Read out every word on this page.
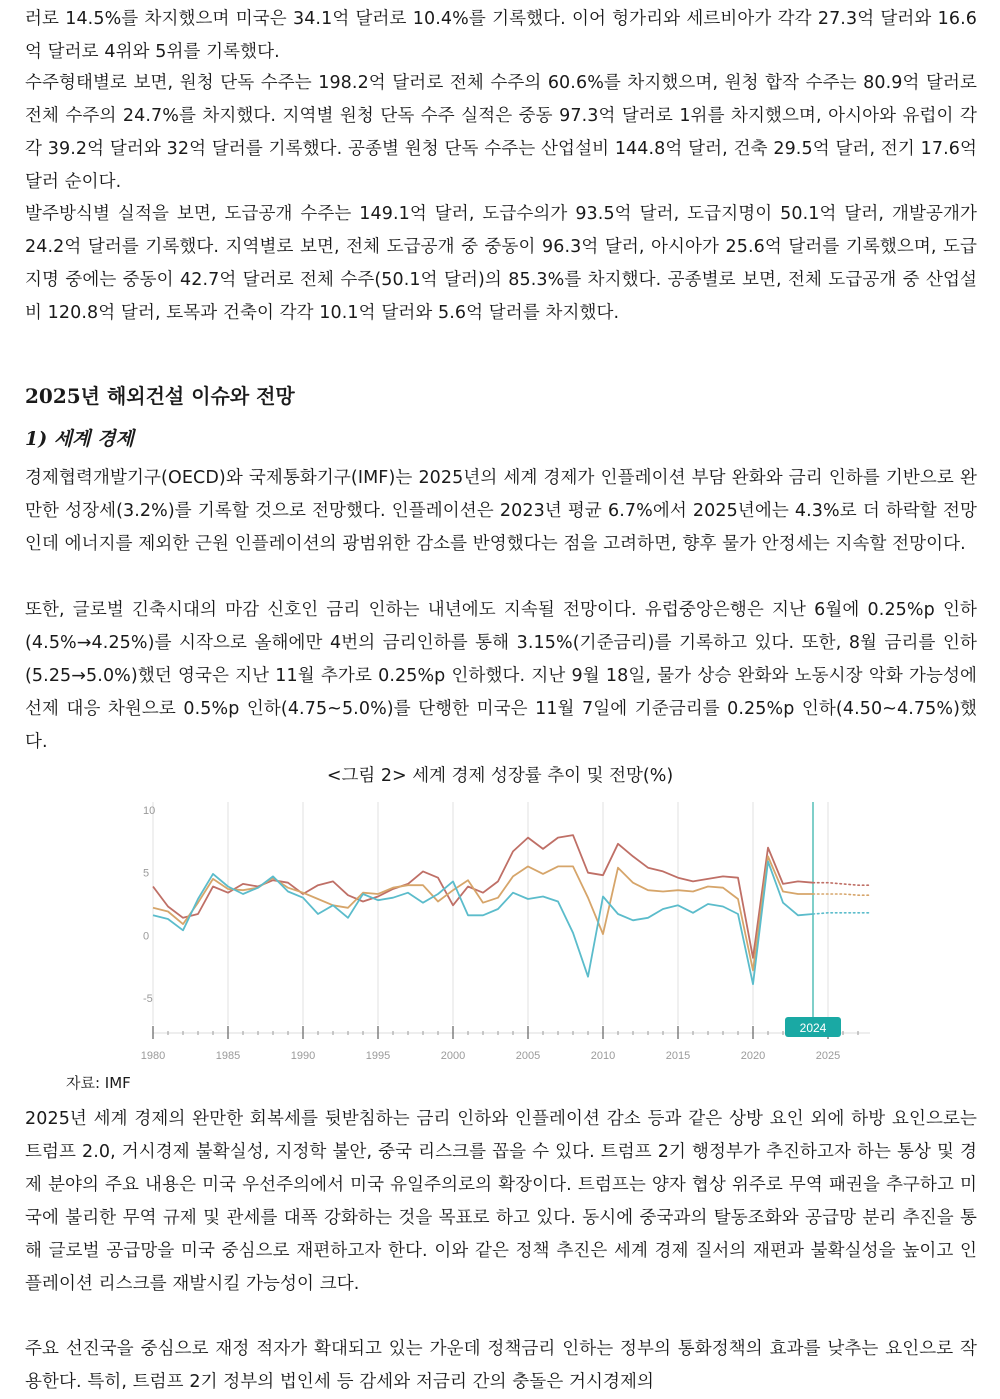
러로 14.5%를 차지했으며 미국은 34.1억 달러로 10.4%를 기록했다. 이어 헝가리와 세르비아가 각각 27.3억 달러와 16.6억 달러로 4위와 5위를 기록했다.

수주형태별로 보면, 원청 단독 수주는 198.2억 달러로 전체 수주의 60.6%를 차지했으며, 원청 합작 수주는 80.9억 달러로 전체 수주의 24.7%를 차지했다. 지역별 원청 단독 수주 실적은 중동 97.3억 달러로 1위를 차지했으며, 아시아와 유럽이 각각 39.2억 달러와 32억 달러를 기록했다. 공종별 원청 단독 수주는 산업설비 144.8억 달러, 건축 29.5억 달러, 전기 17.6억 달러 순이다.

발주방식별 실적을 보면, 도급공개 수주는 149.1억 달러, 도급수의가 93.5억 달러, 도급지명이 50.1억 달러, 개발공개가 24.2억 달러를 기록했다. 지역별로 보면, 전체 도급공개 중 중동이 96.3억 달러, 아시아가 25.6억 달러를 기록했으며, 도급지명 중에는 중동이 42.7억 달러로 전체 수주(50.1억 달러)의 85.3%를 차지했다. 공종별로 보면, 전체 도급공개 중 산업설비 120.8억 달러, 토목과 건축이 각각 10.1억 달러와 5.6억 달러를 차지했다.

2025년 해외건설 이슈와 전망
1) 세계 경제

경제협력개발기구(OECD)와 국제통화기구(IMF)는 2025년의 세계 경제가 인플레이션 부담 완화와 금리 인하를 기반으로 완만한 성장세(3.2%)를 기록할 것으로 전망했다. 인플레이션은 2023년 평균 6.7%에서 2025년에는 4.3%로 더 하락할 전망인데 에너지를 제외한 근원 인플레이션의 광범위한 감소를 반영했다는 점을 고려하면, 향후 물가 안정세는 지속할 전망이다.

또한, 글로벌 긴축시대의 마감 신호인 금리 인하는 내년에도 지속될 전망이다. 유럽중앙은행은 지난 6월에 0.25%p 인하(4.5%→4.25%)를 시작으로 올해에만 4번의 금리인하를 통해 3.15%(기준금리)를 기록하고 있다. 또한, 8월 금리를 인하(5.25→5.0%)했던 영국은 지난 11월 추가로 0.25%p 인하했다. 지난 9월 18일, 물가 상승 완화와 노동시장 악화 가능성에 선제 대응 차원으로 0.5%p 인하(4.75~5.0%)를 단행한 미국은 11월 7일에 기준금리를 0.25%p 인하(4.50~4.75%)했다.

<그림 2> 세계 경제 성장률 추이 및 전망(%)

10
5
0
-5
1980	1985	1990	1995	2000	2005	2010	2015	2020	2025
2024

자료: IMF

2025년 세계 경제의 완만한 회복세를 뒷받침하는 금리 인하와 인플레이션 감소 등과 같은 상방 요인 외에 하방 요인으로는 트럼프 2.0, 거시경제 불확실성, 지정학 불안, 중국 리스크를 꼽을 수 있다. 트럼프 2기 행정부가 추진하고자 하는 통상 및 경제 분야의 주요 내용은 미국 우선주의에서 미국 유일주의로의 확장이다. 트럼프는 양자 협상 위주로 무역 패권을 추구하고 미국에 불리한 무역 규제 및 관세를 대폭 강화하는 것을 목표로 하고 있다. 동시에 중국과의 탈동조화와 공급망 분리 추진을 통해 글로벌 공급망을 미국 중심으로 재편하고자 한다. 이와 같은 정책 추진은 세계 경제 질서의 재편과 불확실성을 높이고 인플레이션 리스크를 재발시킬 가능성이 크다.

주요 선진국을 중심으로 재정 적자가 확대되고 있는 가운데 정책금리 인하는 정부의 통화정책의 효과를 낮추는 요인으로 작용한다. 특히, 트럼프 2기 정부의 법인세 등 감세와 저금리 간의 충돌은 거시경제의
